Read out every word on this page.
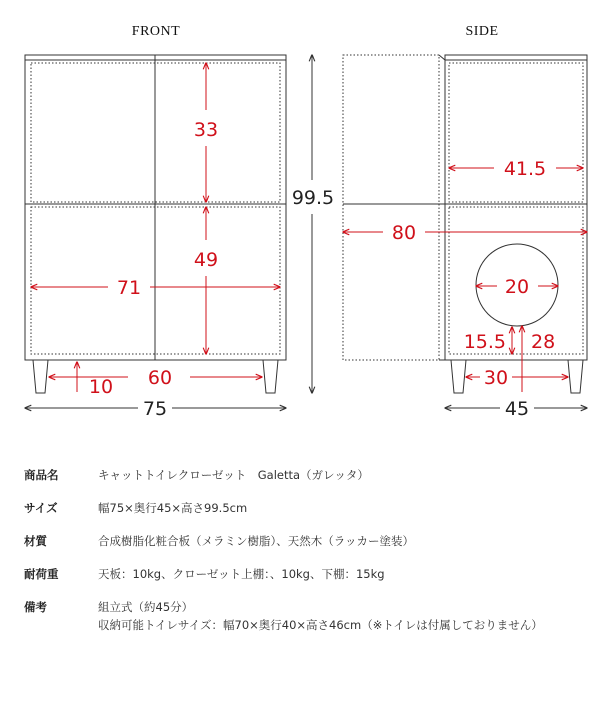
FRONT	SIDE
33
49
71
10 60
99.5
75	45
41.5
80
20
15.5 28
30
商品名	キャットトイレクローゼット　Galetta（ガレッタ）
サイズ	幅75×奥行45×高さ99.5cm
材質	合成樹脂化粧合板（メラミン樹脂）、天然木（ラッカー塗装）
耐荷重	天板：10kg、クローゼット上棚：、10kg、下棚：15kg
備考	組立式（約45分）
収納可能トイレサイズ：幅70×奥行40×高さ46cm（※トイレは付属しておりません）
